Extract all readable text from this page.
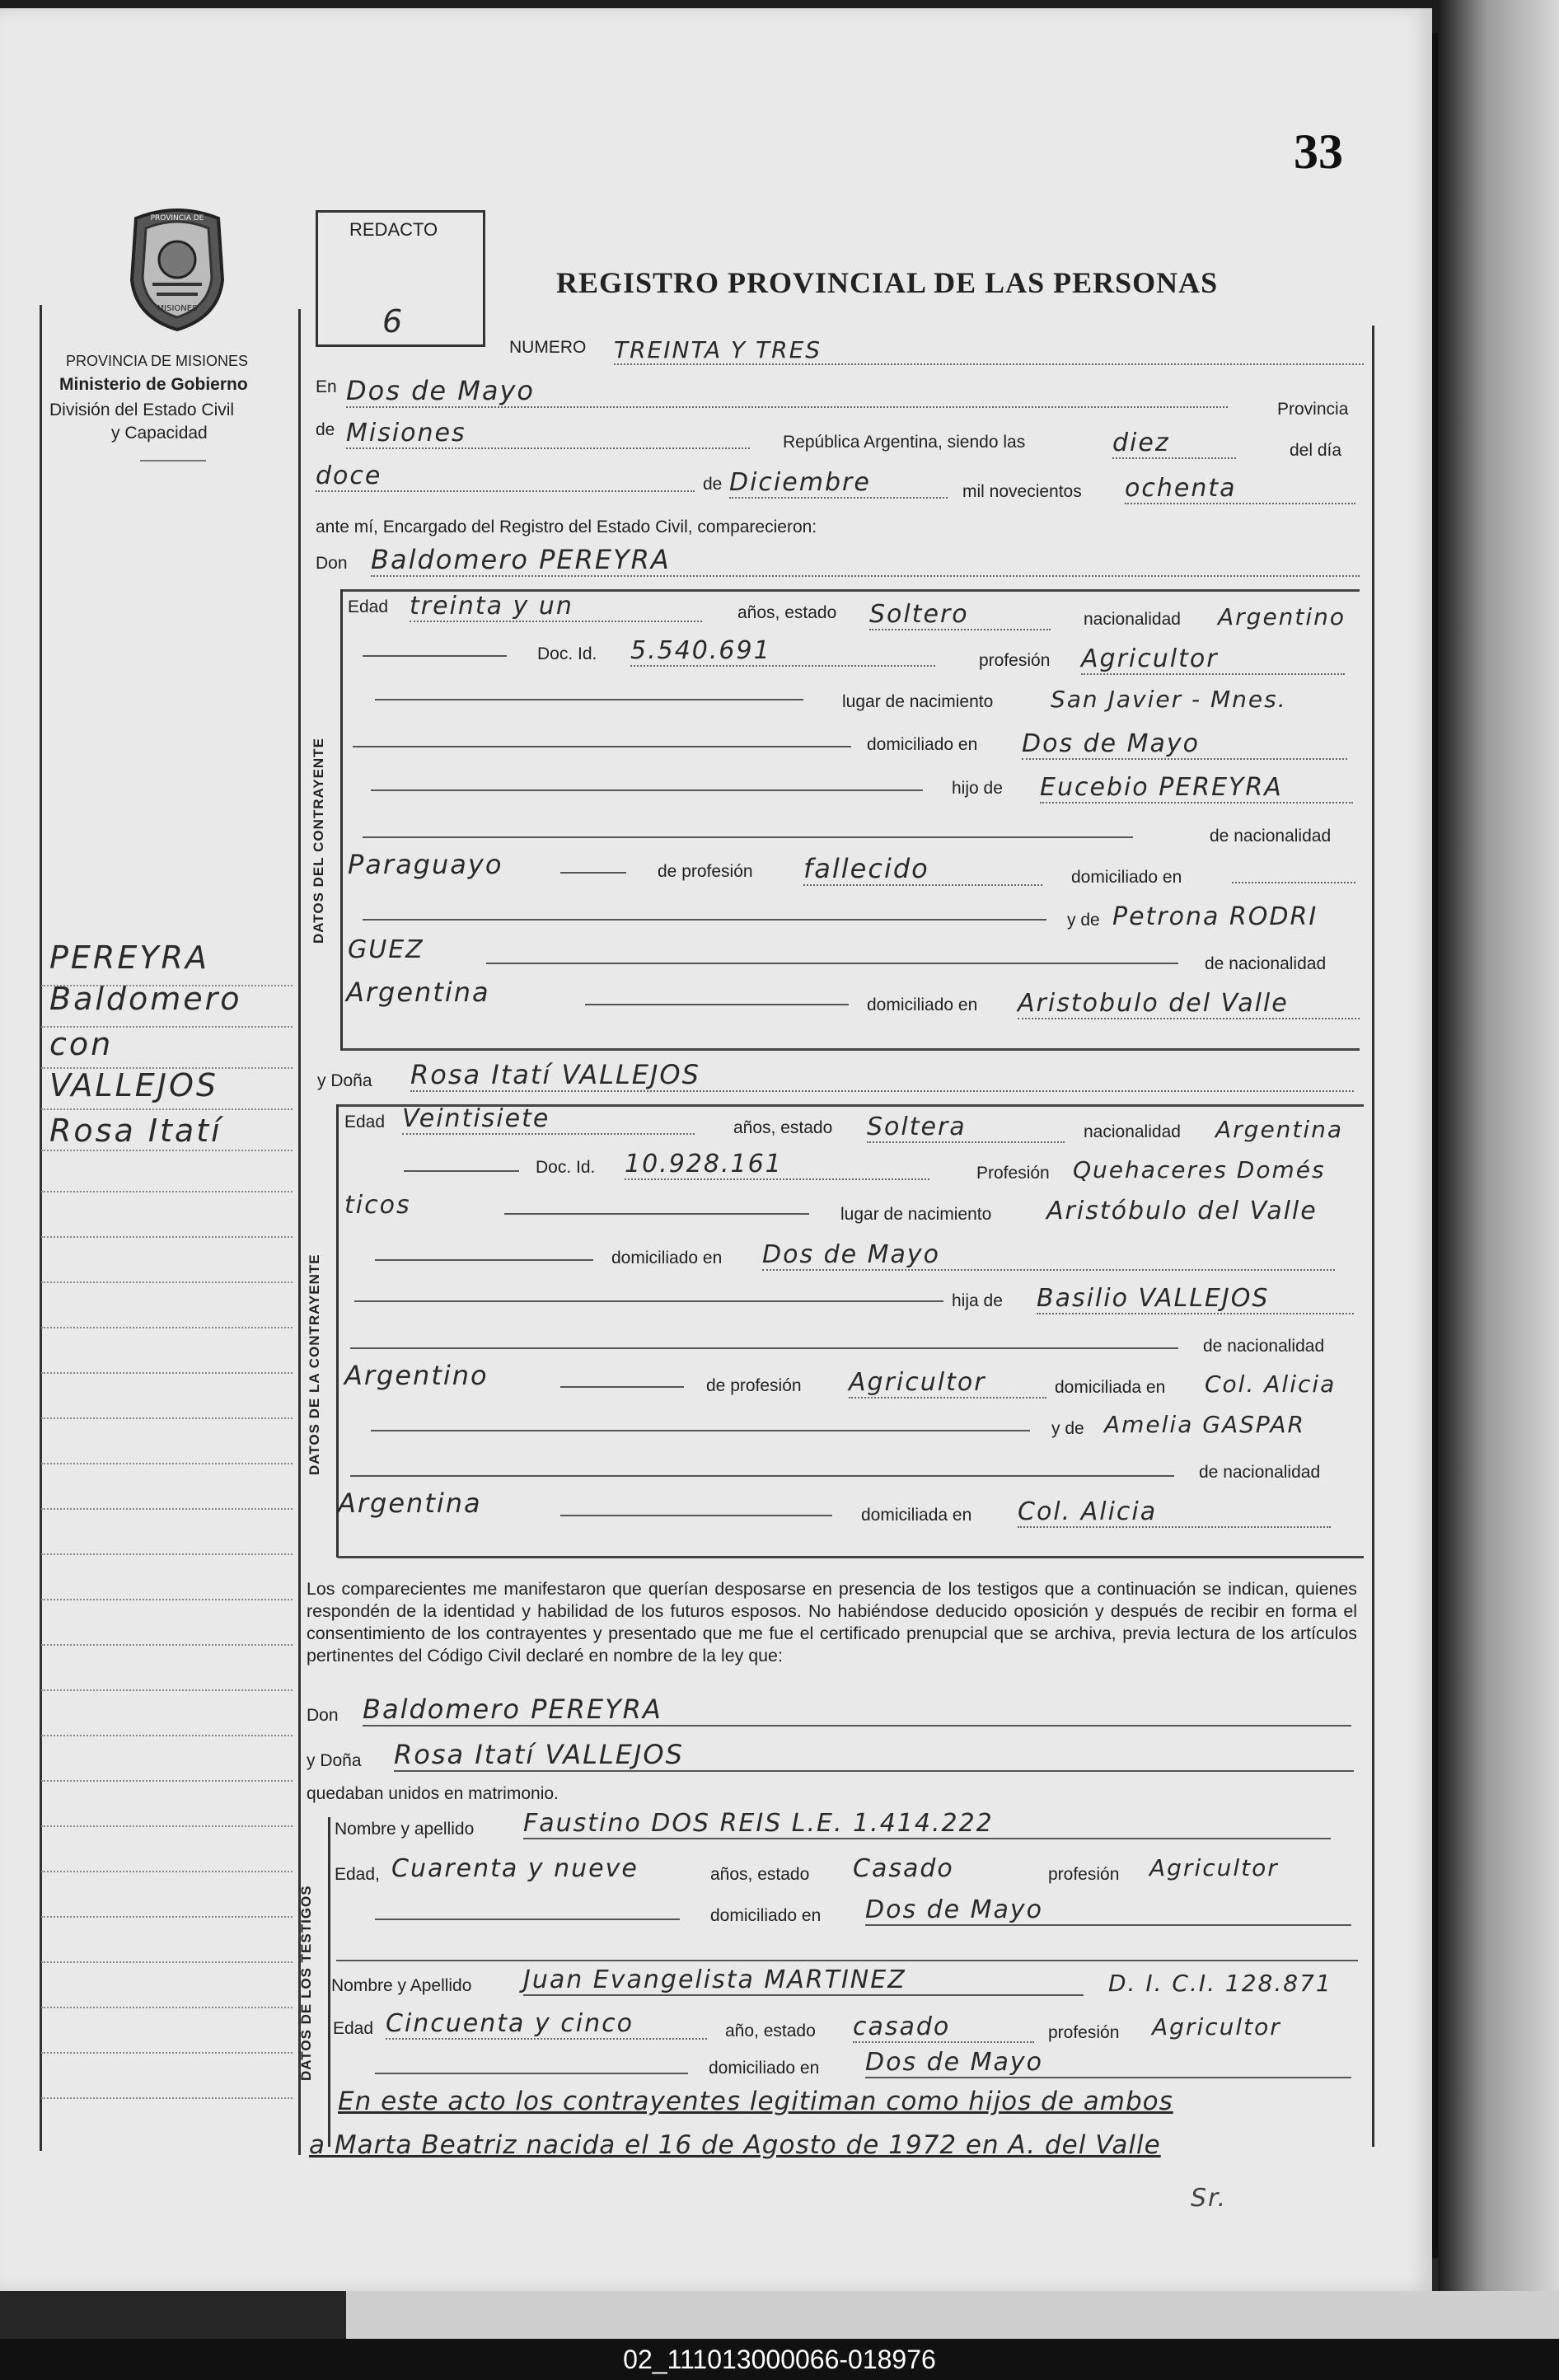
33
PROVINCIA DE
MISIONES
PROVINCIA DE MISIONES
Ministerio de Gobierno
División del Estado Civil
y Capacidad
PEREYRA
Baldomero
con
VALLEJOS
Rosa Itatí
REDACTO
6
REGISTRO PROVINCIAL DE LAS PERSONAS
NUMERO TREINTA Y TRES
En Dos de Mayo
Provincia
de Misiones	República Argentina, siendo las	diez	del día
doce	de Diciembre	mil novecientos ochenta
ante mí, Encargado del Registro del Estado Civil, comparecieron:
Don Baldomero PEREYRA
DATOS DEL CONTRAYENTE
Edad treinta y un	años, estado Soltero	nacionalidad Argentino
Doc. Id. 5.540.691	profesión Agricultor
lugar de nacimiento San Javier - Mnes.
domiciliado en Dos de Mayo
hijo de Eucebio PEREYRA
de nacionalidad
Paraguayo	de profesión fallecido	domiciliado en
y de Petrona RODRI
GUEZ	de nacionalidad
Argentina	domiciliado en Aristobulo del Valle
y Doña Rosa Itatí VALLEJOS
DATOS DE LA CONTRAYENTE
Edad Veintisiete	años, estado Soltera	nacionalidad Argentina
Doc. Id. 10.928.161	Profesión Quehaceres Domés
ticos	lugar de nacimiento Aristóbulo del Valle
domiciliado en Dos de Mayo
hija de Basilio VALLEJOS
de nacionalidad
Argentino	de profesión Agricultor	domiciliada en Col. Alicia
y de Amelia GASPAR
de nacionalidad
Argentina	domiciliada en Col. Alicia
Los comparecientes me manifestaron que querían desposarse en presencia de los testigos que a continuación se indican, quienes respondén de la identidad y habilidad de los futuros esposos. No habiéndose deducido oposición y después de recibir en forma el consentimiento de los contrayentes y presentado que me fue el certificado prenupcial que se archiva, previa lectura de los artículos pertinentes del Código Civil declaré en nombre de la ley que:
Don Baldomero PEREYRA
y Doña Rosa Itatí VALLEJOS
quedaban unidos en matrimonio.
DATOS DE LOS TESTIGOS
Nombre y apellido Faustino DOS REIS L.E. 1.414.222
Edad, Cuarenta y nueve	años, estado Casado	profesión Agricultor
domiciliado en Dos de Mayo
Nombre y Apellido Juan Evangelista MARTINEZ	D. I. C.I. 128.871
Edad Cincuenta y cinco	año, estado casado	profesión Agricultor
domiciliado en Dos de Mayo
En este acto los contrayentes legitiman como hijos de ambos
a Marta Beatriz nacida el 16 de Agosto de 1972 en A. del Valle
Sr.
02_111013000066-018976
